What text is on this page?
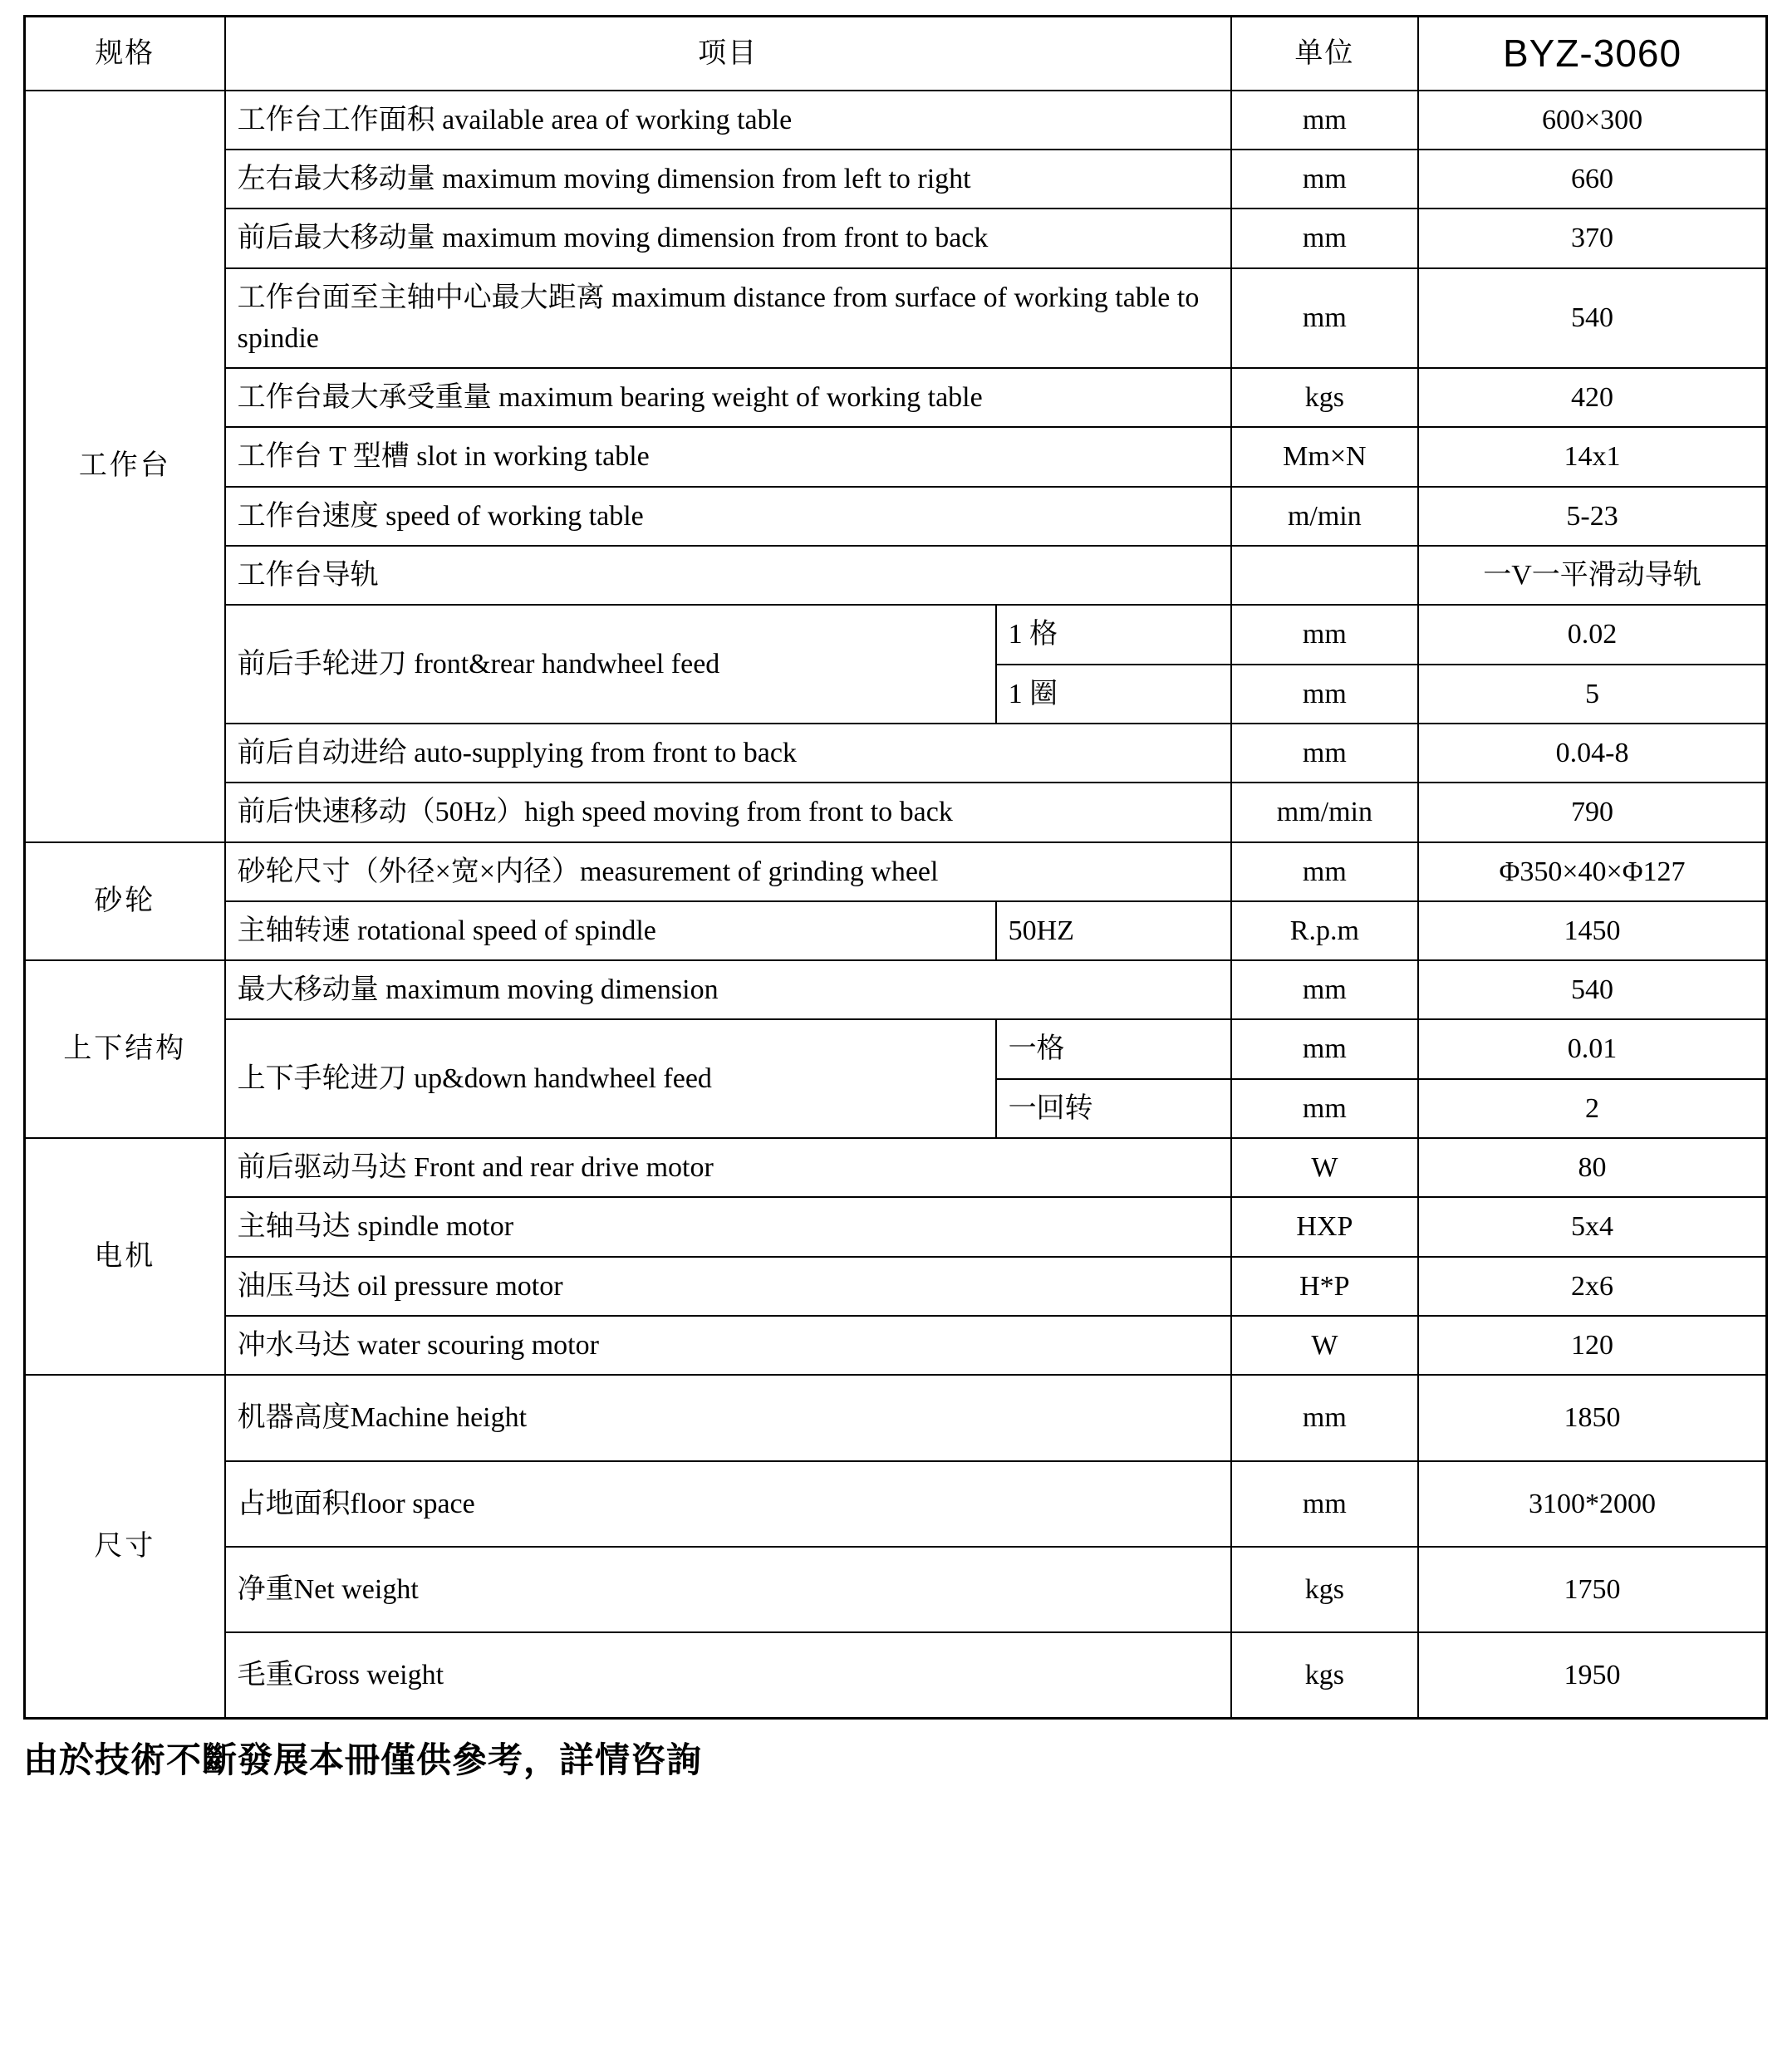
规格	项目		单位	BYZ-3060
工作台	工作台工作面积 available area of working table		mm	600×300
	左右最大移动量 maximum moving dimension from left to right		mm	660
	前后最大移动量 maximum moving dimension from front to back		mm	370
	工作台面至主轴中心最大距离 maximum distance from surface of working table to spindie		mm	540
	工作台最大承受重量 maximum bearing weight of working table		kgs	420
	工作台 T 型槽 slot in working table		Mm×N	14x1
	工作台速度 speed of working table		m/min	5-23
	工作台导轨			一V一平滑动导轨
	前后手轮进刀 front&rear handwheel feed	1 格	mm	0.02
		1 圈	mm	5
	前后自动进给 auto-supplying from front to back		mm	0.04-8
	前后快速移动（50Hz）high speed moving from front to back		mm/min	790
砂轮	砂轮尺寸（外径×宽×内径）measurement of grinding wheel		mm	Φ350×40×Φ127
	主轴转速 rotational speed of spindle	50HZ	R.p.m	1450
上下结构	最大移动量 maximum moving dimension		mm	540
	上下手轮进刀 up&down handwheel feed	一格	mm	0.01
		一回转	mm	2
电机	前后驱动马达 Front and rear drive motor		W	80
	主轴马达 spindle motor		HXP	5x4
	油压马达 oil pressure motor		H*P	2x6
	冲水马达 water scouring motor		W	120
尺寸	机器高度Machine height		mm	1850
	占地面积floor space		mm	3100*2000
	净重Net weight		kgs	1750
	毛重Gross weight		kgs	1950
由於技術不斷發展本冊僅供參考，詳情咨詢
